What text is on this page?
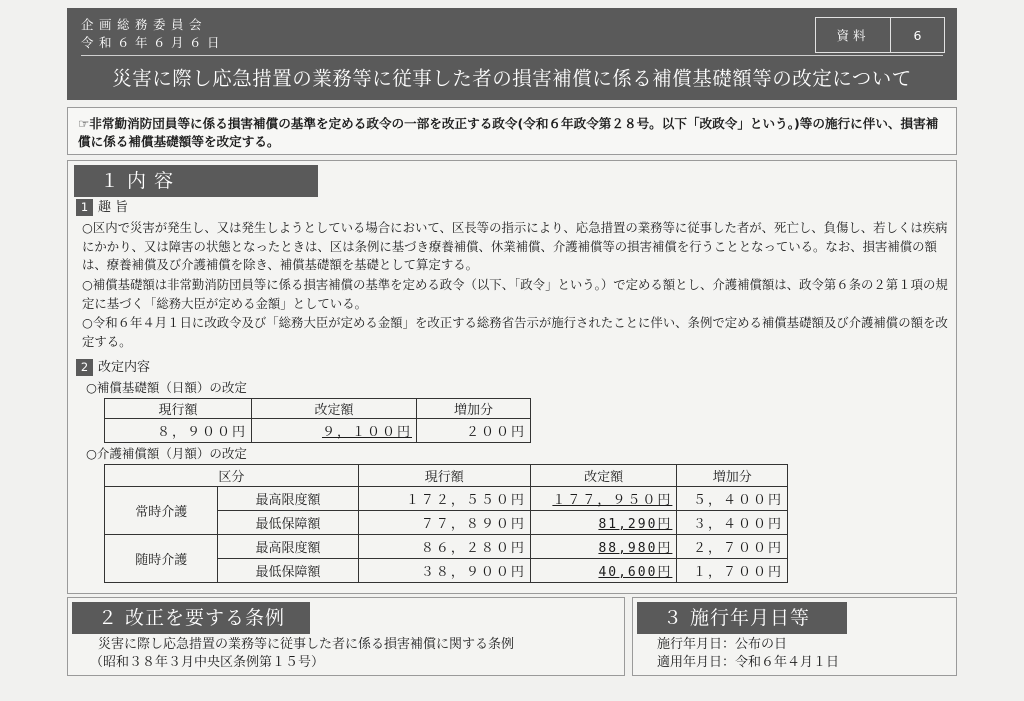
企画総務委員会
令和６年６月６日	資料	6
災害に際し応急措置の業務等に従事した者の損害補償に係る補償基礎額等の改定について

☞非常勤消防団員等に係る損害補償の基準を定める政令の一部を改正する政令(令和６年政令第２８号。以下「改政令」という。)等の施行に伴い、損害補償に係る補償基礎額等を改定する。

１ 内 容
1 趣 旨

○区内で災害が発生し、又は発生しようとしている場合において、区長等の指示により、応急措置の業務等に従事した者が、死亡し、負傷し、若しくは疾病にかかり、又は障害の状態となったときは、区は条例に基づき療養補償、休業補償、介護補償等の損害補償を行うこととなっている。なお、損害補償の額は、療養補償及び介護補償を除き、補償基礎額を基礎として算定する。

○補償基礎額は非常勤消防団員等に係る損害補償の基準を定める政令（以下、「政令」という。）で定める額とし、介護補償額は、政令第６条の２第１項の規定に基づく「総務大臣が定める金額」としている。

○令和６年４月１日に改政令及び「総務大臣が定める金額」を改正する総務省告示が施行されたことに伴い、条例で定める補償基礎額及び介護補償の額を改定する。

2 改定内容
○補償基礎額（日額）の改定
現行額	改定額	増加分
８，９００円	９，１００円	２００円
○介護補償額（月額）の改定
区分		現行額	改定額	増加分
常時介護	最高限度額	１７２，５５０円	１７７，９５０円	５，４００円
	最低保障額	７７，８９０円	81,290円	３，４００円
随時介護	最高限度額	８６，２８０円	88,980円	２，７００円
	最低保障額	３８，９００円	40,600円	１，７００円
２ 改正を要する条例
災害に際し応急措置の業務等に従事した者に係る損害補償に関する条例
（昭和３８年３月中央区条例第１５号）
３ 施行年月日等
施行年月日：公布の日
適用年月日：令和６年４月１日
